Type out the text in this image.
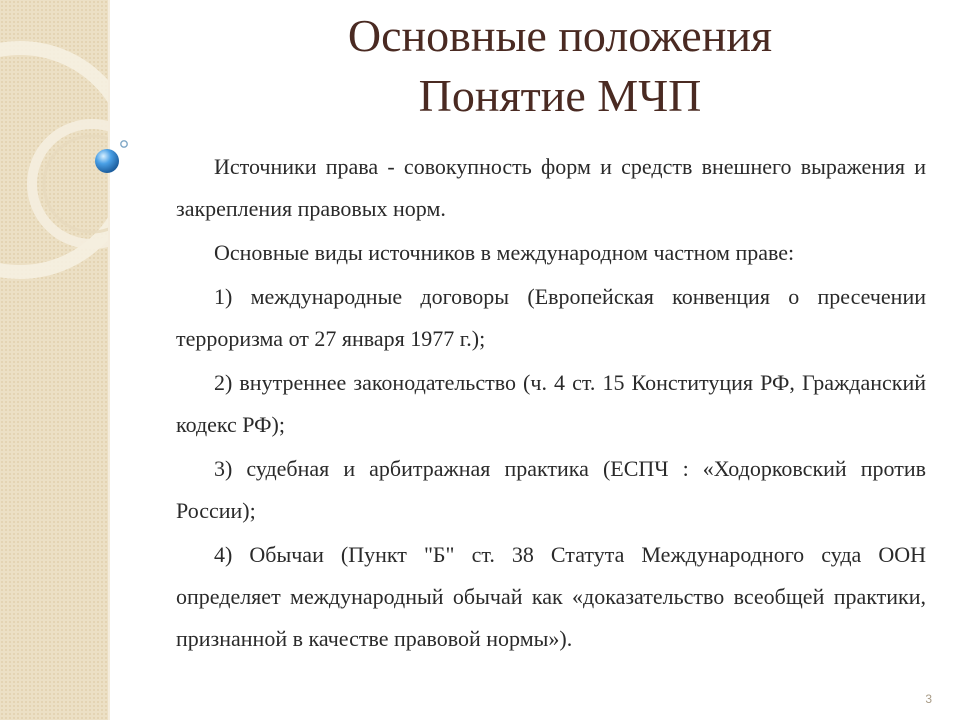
Основные положения
Понятие МЧП

Источники права - совокупность форм и средств внешнего выражения и закрепления правовых норм.

Основные виды источников в международном частном праве:

1) международные договоры (Европейская конвенция о пресечении терроризма от 27 января 1977 г.);

2) внутреннее законодательство (ч. 4 ст. 15 Конституция РФ, Гражданский кодекс РФ);

3) судебная и арбитражная практика (ЕСПЧ : «Ходорковский против России);

4) Обычаи (Пункт "Б" ст. 38 Статута Международного суда ООН определяет международный обычай как «доказательство всеобщей практики, признанной в качестве правовой нормы»).

3
